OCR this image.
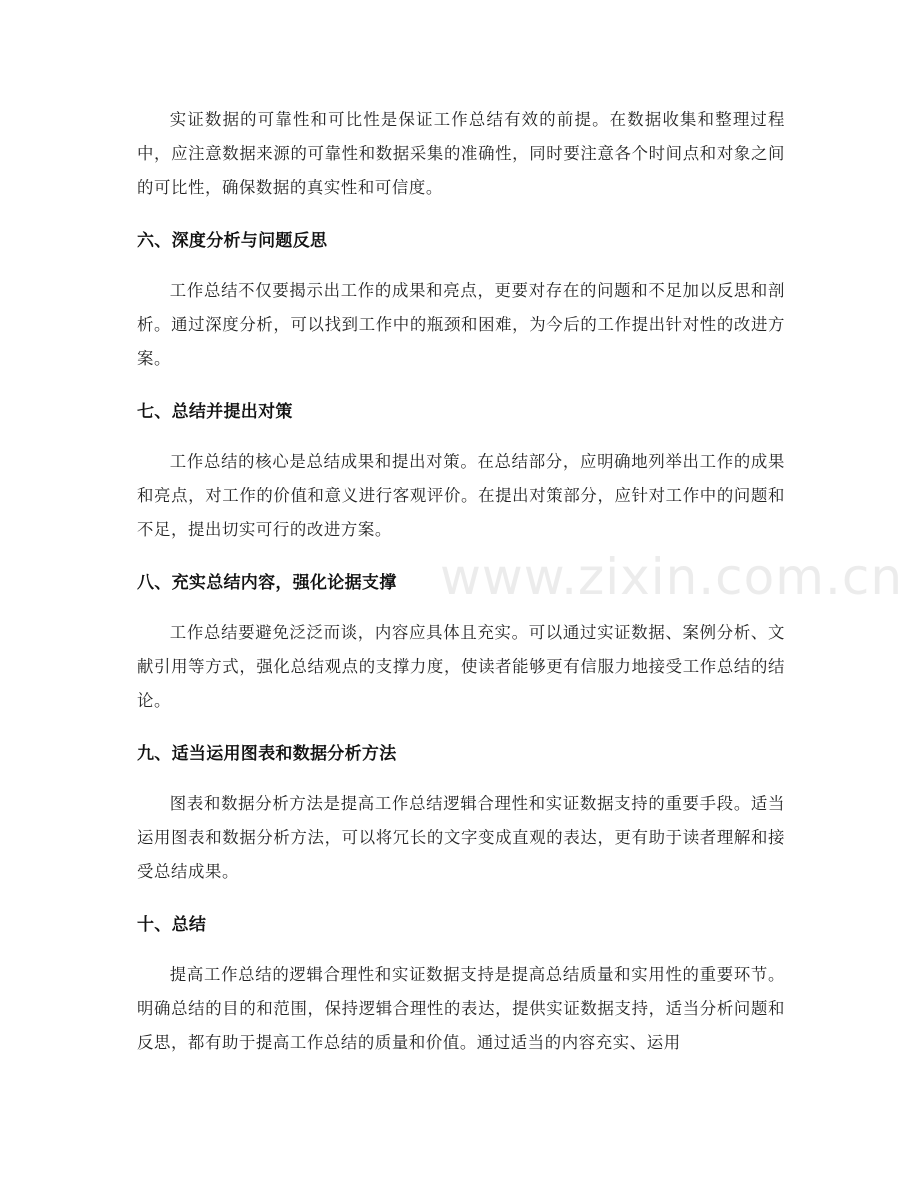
实证数据的可靠性和可比性是保证工作总结有效的前提。在数据收集和整理过程中，应注意数据来源的可靠性和数据采集的准确性，同时要注意各个时间点和对象之间的可比性，确保数据的真实性和可信度。

六、深度分析与问题反思

工作总结不仅要揭示出工作的成果和亮点，更要对存在的问题和不足加以反思和剖析。通过深度分析，可以找到工作中的瓶颈和困难，为今后的工作提出针对性的改进方案。

七、总结并提出对策

工作总结的核心是总结成果和提出对策。在总结部分，应明确地列举出工作的成果和亮点，对工作的价值和意义进行客观评价。在提出对策部分，应针对工作中的问题和不足，提出切实可行的改进方案。

八、充实总结内容，强化论据支撑

工作总结要避免泛泛而谈，内容应具体且充实。可以通过实证数据、案例分析、文献引用等方式，强化总结观点的支撑力度，使读者能够更有信服力地接受工作总结的结论。

九、适当运用图表和数据分析方法

图表和数据分析方法是提高工作总结逻辑合理性和实证数据支持的重要手段。适当运用图表和数据分析方法，可以将冗长的文字变成直观的表达，更有助于读者理解和接受总结成果。

十、总结

提高工作总结的逻辑合理性和实证数据支持是提高总结质量和实用性的重要环节。明确总结的目的和范围，保持逻辑合理性的表达，提供实证数据支持，适当分析问题和反思，都有助于提高工作总结的质量和价值。通过适当的内容充实、运用

www.zixin.com.cn
